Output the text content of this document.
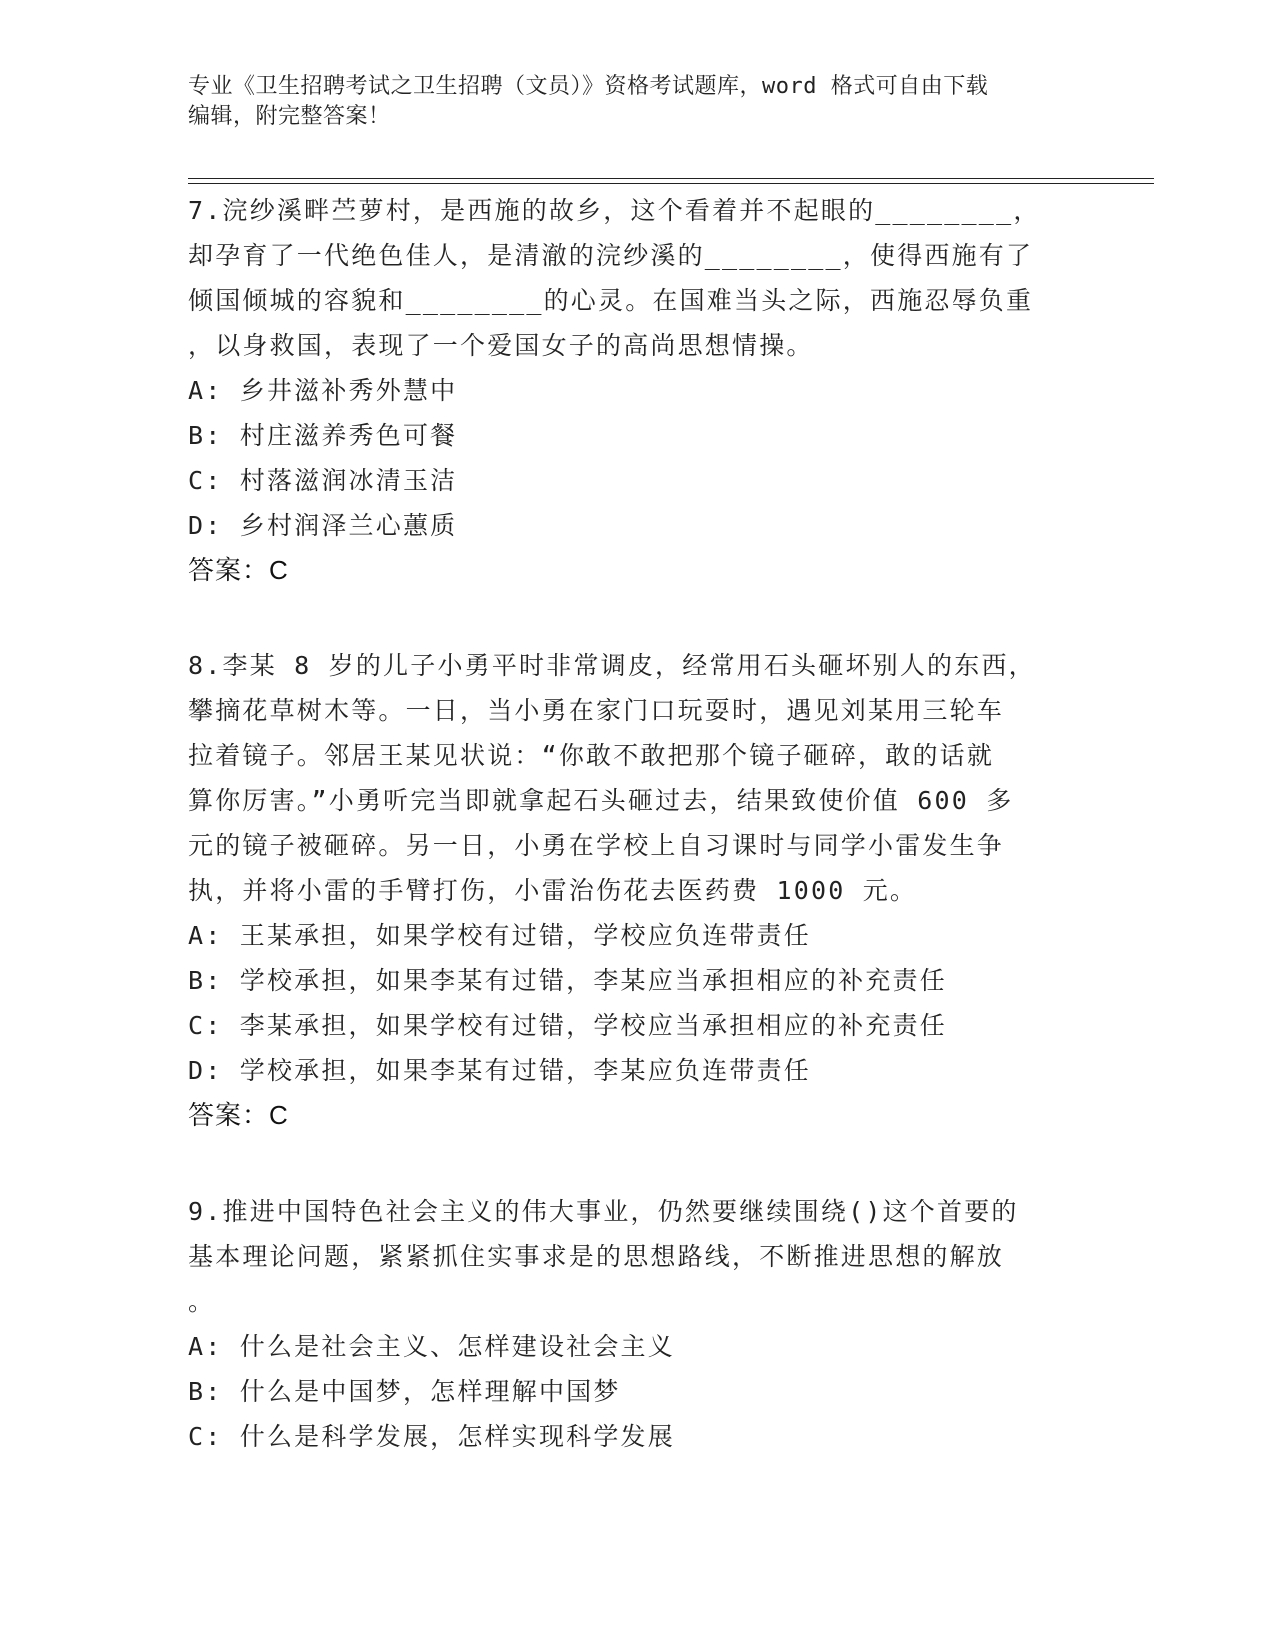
专业《卫生招聘考试之卫生招聘（文员）》资格考试题库，word 格式可自由下载
编辑，附完整答案！
7.浣纱溪畔苎萝村，是西施的故乡，这个看着并不起眼的________，
却孕育了一代绝色佳人，是清澈的浣纱溪的________，使得西施有了
倾国倾城的容貌和________的心灵。在国难当头之际，西施忍辱负重
，以身救国，表现了一个爱国女子的高尚思想情操。
A: 乡井滋补秀外慧中
B: 村庄滋养秀色可餐
C: 村落滋润冰清玉洁
D: 乡村润泽兰心蕙质
答案：C
8.李某 8 岁的儿子小勇平时非常调皮，经常用石头砸坏别人的东西，
攀摘花草树木等。一日，当小勇在家门口玩耍时，遇见刘某用三轮车
拉着镜子。邻居王某见状说：“你敢不敢把那个镜子砸碎，敢的话就
算你厉害。”小勇听完当即就拿起石头砸过去，结果致使价值 600 多
元的镜子被砸碎。另一日，小勇在学校上自习课时与同学小雷发生争
执，并将小雷的手臂打伤，小雷治伤花去医药费 1000 元。
A: 王某承担，如果学校有过错，学校应负连带责任
B: 学校承担，如果李某有过错，李某应当承担相应的补充责任
C: 李某承担，如果学校有过错，学校应当承担相应的补充责任
D: 学校承担，如果李某有过错，李某应负连带责任
答案：C
9.推进中国特色社会主义的伟大事业，仍然要继续围绕()这个首要的
基本理论问题，紧紧抓住实事求是的思想路线，不断推进思想的解放
。
A: 什么是社会主义、怎样建设社会主义
B: 什么是中国梦，怎样理解中国梦
C: 什么是科学发展，怎样实现科学发展
